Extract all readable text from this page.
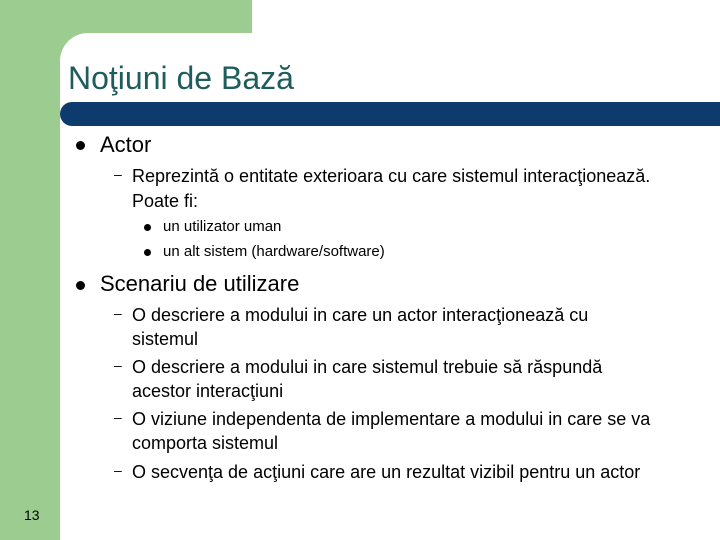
Noţiuni de Bază

Actor

– Reprezintă o entitate exterioara cu care sistemul interacţionează.

Poate fi:

un utilizator uman

un alt sistem (hardware/software)

Scenariu de utilizare

– O descriere a modului in care un actor interacţionează cu

sistemul

– O descriere a modului in care sistemul trebuie să răspundă

acestor interacţiuni

– O viziune independenta de implementare a modului in care se va

comporta sistemul

– O secvenţa de acţiuni care are un rezultat vizibil pentru un actor

13
